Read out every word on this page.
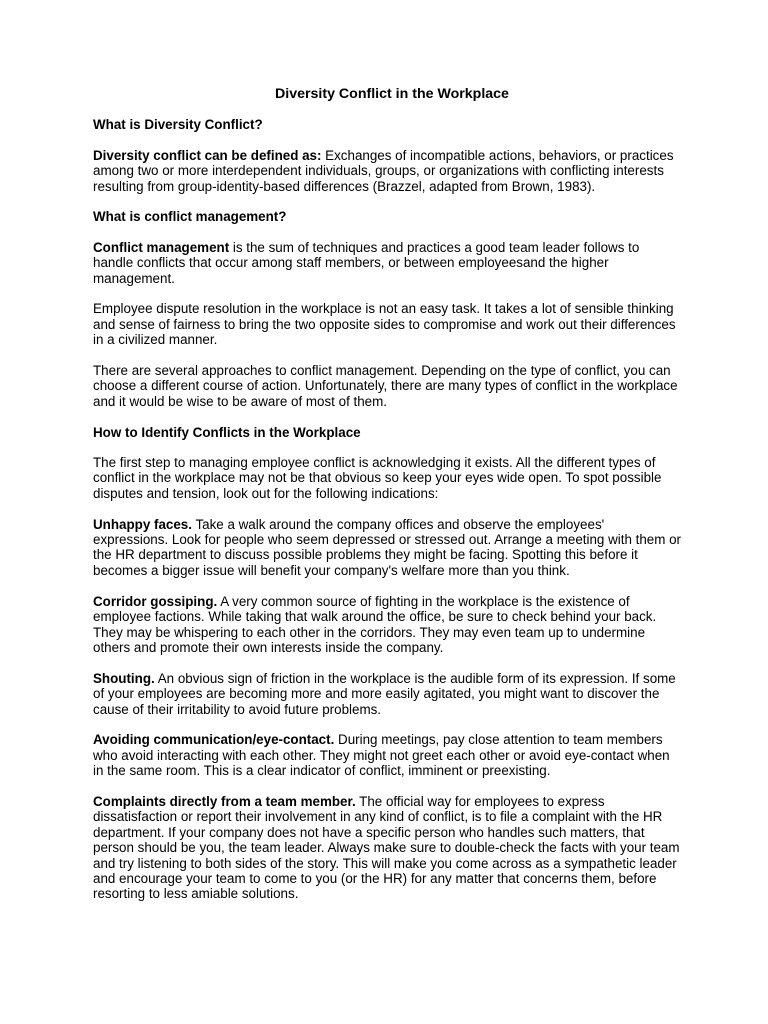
Diversity Conflict in the Workplace
What is Diversity Conflict?

Diversity conflict can be defined as: Exchanges of incompatible actions, behaviors, or practices among two or more interdependent individuals, groups, or organizations with conflicting interests resulting from group-identity-based differences (Brazzel, adapted from Brown, 1983).

What is conflict management?

Conflict management is the sum of techniques and practices a good team leader follows to handle conflicts that occur among staff members, or between employeesand the higher management.

Employee dispute resolution in the workplace is not an easy task. It takes a lot of sensible thinking and sense of fairness to bring the two opposite sides to compromise and work out their differences in a civilized manner.

There are several approaches to conflict management. Depending on the type of conflict, you can choose a different course of action. Unfortunately, there are many types of conflict in the workplace and it would be wise to be aware of most of them.

How to Identify Conflicts in the Workplace

The first step to managing employee conflict is acknowledging it exists. All the different types of conflict in the workplace may not be that obvious so keep your eyes wide open. To spot possible disputes and tension, look out for the following indications:

Unhappy faces. Take a walk around the company offices and observe the employees' expressions. Look for people who seem depressed or stressed out. Arrange a meeting with them or the HR department to discuss possible problems they might be facing. Spotting this before it becomes a bigger issue will benefit your company's welfare more than you think.

Corridor gossiping. A very common source of fighting in the workplace is the existence of employee factions. While taking that walk around the office, be sure to check behind your back. They may be whispering to each other in the corridors. They may even team up to undermine others and promote their own interests inside the company.

Shouting. An obvious sign of friction in the workplace is the audible form of its expression. If some of your employees are becoming more and more easily agitated, you might want to discover the cause of their irritability to avoid future problems.

Avoiding communication/eye-contact. During meetings, pay close attention to team members who avoid interacting with each other. They might not greet each other or avoid eye-contact when in the same room. This is a clear indicator of conflict, imminent or preexisting.

Complaints directly from a team member. The official way for employees to express dissatisfaction or report their involvement in any kind of conflict, is to file a complaint with the HR department. If your company does not have a specific person who handles such matters, that person should be you, the team leader. Always make sure to double-check the facts with your team and try listening to both sides of the story. This will make you come across as a sympathetic leader and encourage your team to come to you (or the HR) for any matter that concerns them, before resorting to less amiable solutions.
